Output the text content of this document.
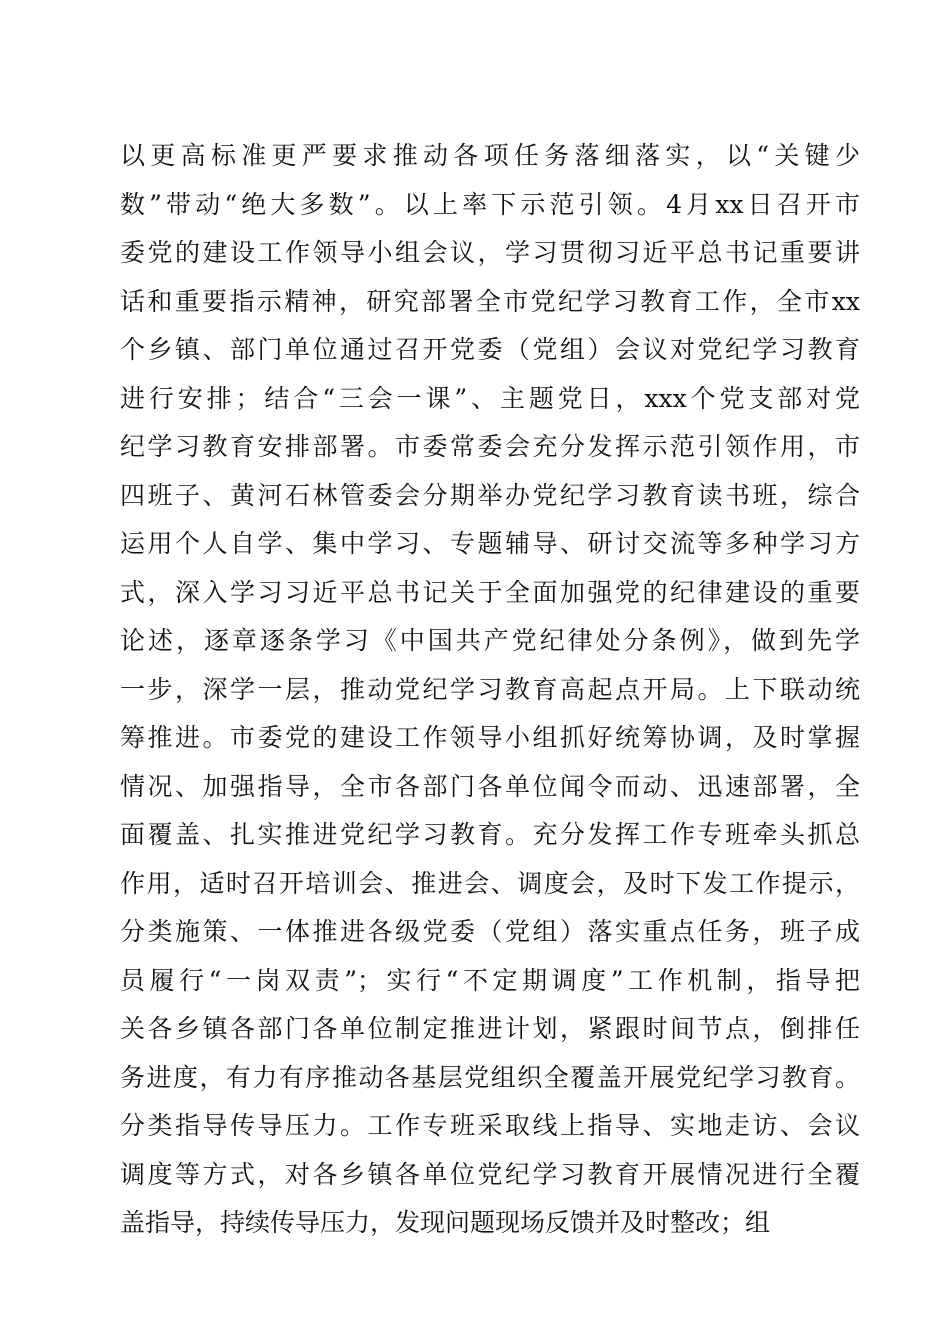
以更高标准更严要求推动各项任务落细落实，以“关键少
数”带动“绝大多数”。以上率下示范引领。4月xx日召开市
委党的建设工作领导小组会议，学习贯彻习近平总书记重要讲
话和重要指示精神，研究部署全市党纪学习教育工作，全市xx
个乡镇、部门单位通过召开党委（党组）会议对党纪学习教育
进行安排；结合“三会一课”、主题党日，xxx个党支部对党
纪学习教育安排部署。市委常委会充分发挥示范引领作用，市
四班子、黄河石林管委会分期举办党纪学习教育读书班，综合
运用个人自学、集中学习、专题辅导、研讨交流等多种学习方
式，深入学习习近平总书记关于全面加强党的纪律建设的重要
论述，逐章逐条学习《中国共产党纪律处分条例》，做到先学
一步，深学一层，推动党纪学习教育高起点开局。上下联动统
筹推进。市委党的建设工作领导小组抓好统筹协调，及时掌握
情况、加强指导，全市各部门各单位闻令而动、迅速部署，全
面覆盖、扎实推进党纪学习教育。充分发挥工作专班牵头抓总
作用，适时召开培训会、推进会、调度会，及时下发工作提示，
分类施策、一体推进各级党委（党组）落实重点任务，班子成
员履行“一岗双责”；实行“不定期调度”工作机制，指导把
关各乡镇各部门各单位制定推进计划，紧跟时间节点，倒排任
务进度，有力有序推动各基层党组织全覆盖开展党纪学习教育。
分类指导传导压力。工作专班采取线上指导、实地走访、会议
调度等方式，对各乡镇各单位党纪学习教育开展情况进行全覆
盖指导，持续传导压力，发现问题现场反馈并及时整改；组
